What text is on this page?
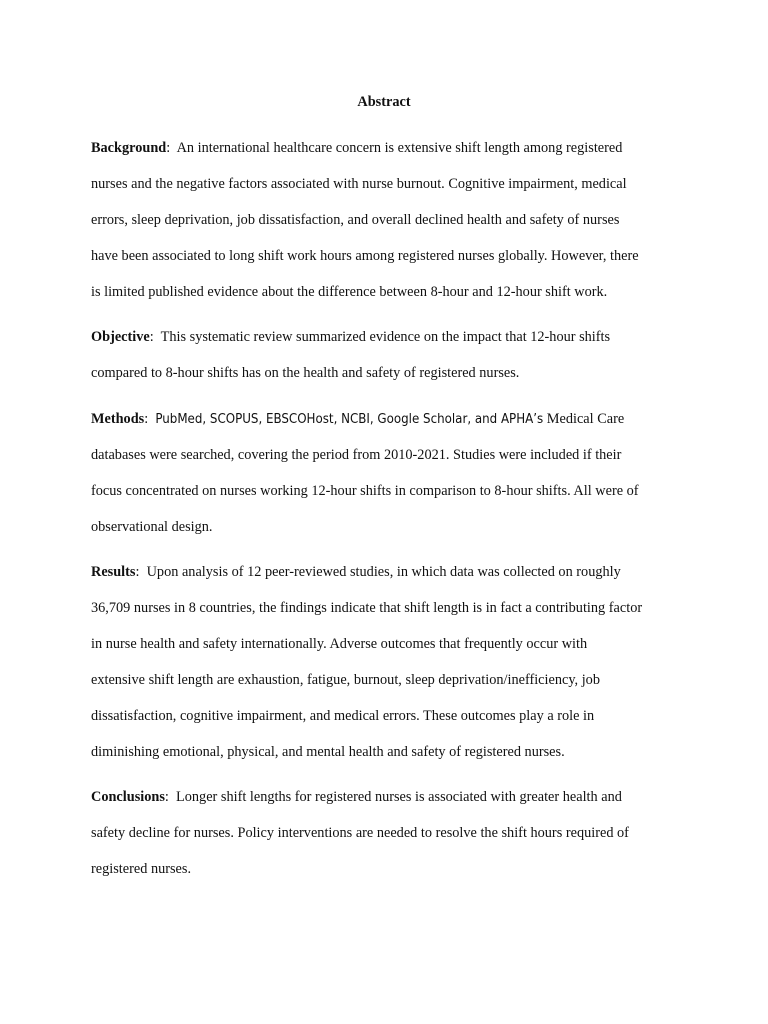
Abstract
Background:  An international healthcare concern is extensive shift length among registered
nurses and the negative factors associated with nurse burnout. Cognitive impairment, medical
errors, sleep deprivation, job dissatisfaction, and overall declined health and safety of nurses
have been associated to long shift work hours among registered nurses globally. However, there
is limited published evidence about the difference between 8-hour and 12-hour shift work.
Objective:  This systematic review summarized evidence on the impact that 12-hour shifts
compared to 8-hour shifts has on the health and safety of registered nurses.
Methods:  PubMed, SCOPUS, EBSCOHost, NCBI, Google Scholar, and APHA’s Medical Care
databases were searched, covering the period from 2010-2021. Studies were included if their
focus concentrated on nurses working 12-hour shifts in comparison to 8-hour shifts. All were of
observational design.
Results:  Upon analysis of 12 peer-reviewed studies, in which data was collected on roughly
36,709 nurses in 8 countries, the findings indicate that shift length is in fact a contributing factor
in nurse health and safety internationally. Adverse outcomes that frequently occur with
extensive shift length are exhaustion, fatigue, burnout, sleep deprivation/inefficiency, job
dissatisfaction, cognitive impairment, and medical errors. These outcomes play a role in
diminishing emotional, physical, and mental health and safety of registered nurses.
Conclusions:  Longer shift lengths for registered nurses is associated with greater health and
safety decline for nurses. Policy interventions are needed to resolve the shift hours required of
registered nurses.
